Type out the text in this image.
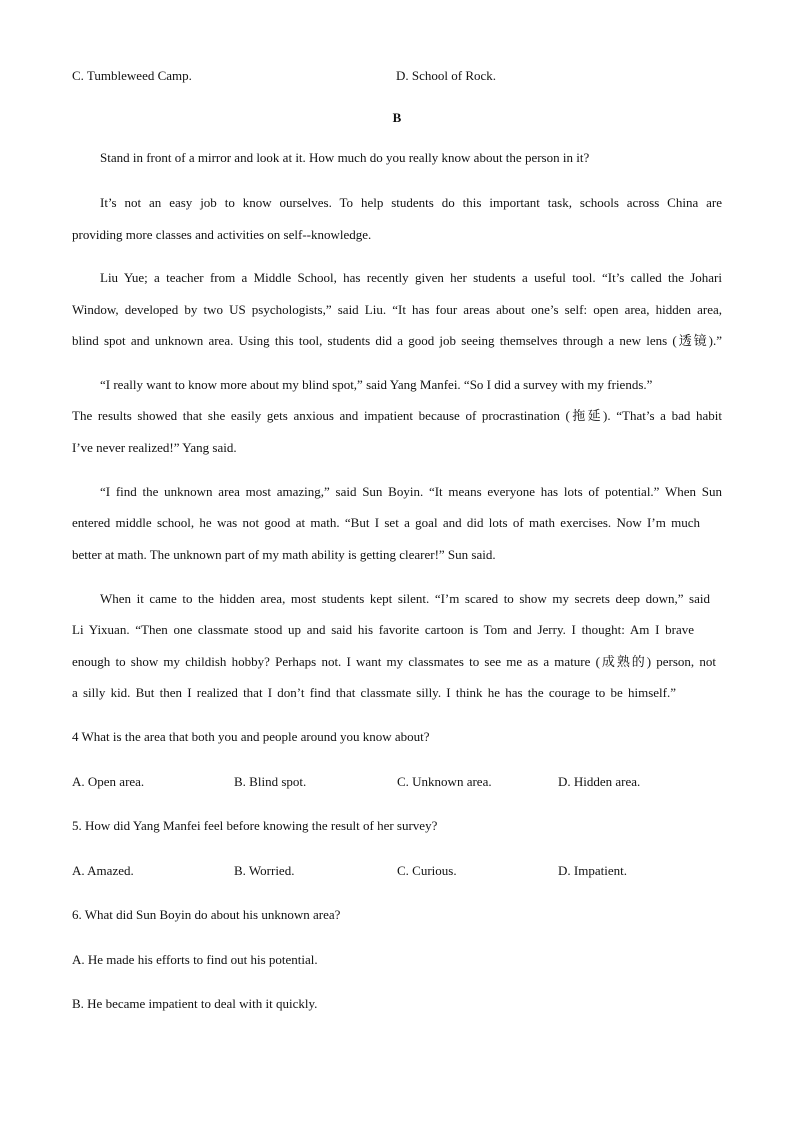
C. Tumbleweed Camp.	D. School of Rock.
B
Stand in front of a mirror and look at it. How much do you really know about the person in it?
It’s not an easy job to know ourselves. To help students do this important task, schools across China are
providing more classes and activities on self--knowledge.
Liu Yue; a teacher from a Middle School, has recently given her students a useful tool. “It’s called the Johari
Window, developed by two US psychologists,” said Liu. “It has four areas about one’s self: open area, hidden area,
blind spot and unknown area. Using this tool, students did a good job seeing themselves through a new lens (透镜).”
“I really want to know more about my blind spot,” said Yang Manfei. “So I did a survey with my friends.”
The results showed that she easily gets anxious and impatient because of procrastination (拖延). “That’s a bad habit
I’ve never realized!” Yang said.
“I find the unknown area most amazing,” said Sun Boyin. “It means everyone has lots of potential.” When Sun
entered middle school, he was not good at math. “But I set a goal and did lots of math exercises. Now I’m much
better at math. The unknown part of my math ability is getting clearer!” Sun said.
When it came to the hidden area, most students kept silent. “I’m scared to show my secrets deep down,” said
Li Yixuan. “Then one classmate stood up and said his favorite cartoon is Tom and Jerry. I thought: Am I brave
enough to show my childish hobby? Perhaps not. I want my classmates to see me as a mature (成熟的) person, not
a silly kid. But then I realized that I don’t find that classmate silly. I think he has the courage to be himself.”
4 What is the area that both you and people around you know about?
A. Open area.	B. Blind spot.	C. Unknown area.	D. Hidden area.
5. How did Yang Manfei feel before knowing the result of her survey?
A. Amazed.	B. Worried.	C. Curious.	D. Impatient.
6. What did Sun Boyin do about his unknown area?
A. He made his efforts to find out his potential.
B. He became impatient to deal with it quickly.
